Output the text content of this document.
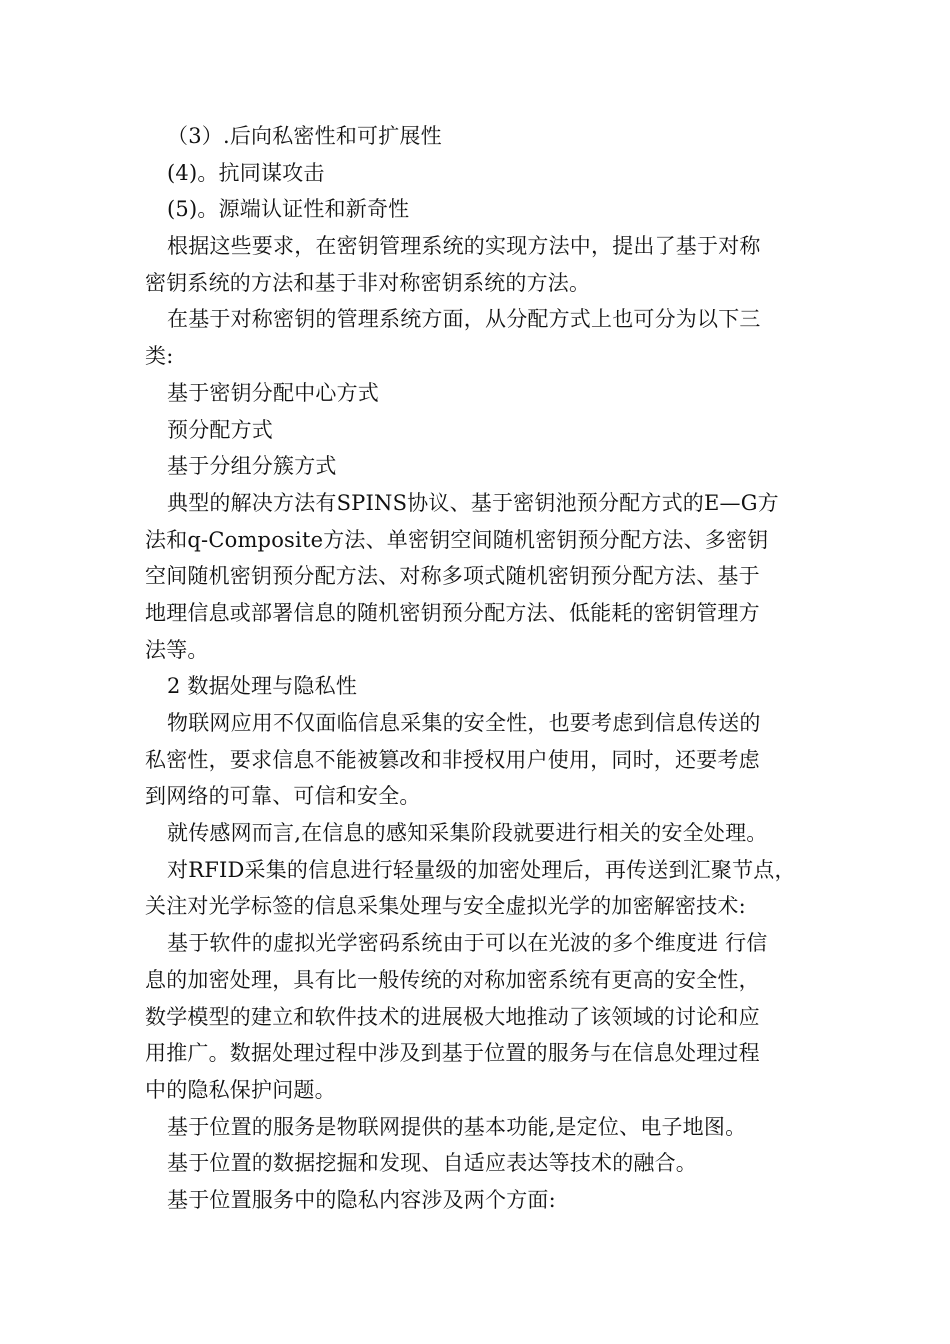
（3）.后向私密性和可扩展性
(4)。抗同谋攻击
(5)。源端认证性和新奇性
根据这些要求，在密钥管理系统的实现方法中，提出了基于对称
密钥系统的方法和基于非对称密钥系统的方法。
在基于对称密钥的管理系统方面，从分配方式上也可分为以下三
类:
基于密钥分配中心方式
预分配方式
基于分组分簇方式
典型的解决方法有SPINS协议、基于密钥池预分配方式的E—G方
法和q-Composite方法、单密钥空间随机密钥预分配方法、多密钥
空间随机密钥预分配方法、对称多项式随机密钥预分配方法、基于
地理信息或部署信息的随机密钥预分配方法、低能耗的密钥管理方
法等。
2 数据处理与隐私性
物联网应用不仅面临信息采集的安全性，也要考虑到信息传送的
私密性，要求信息不能被篡改和非授权用户使用，同时，还要考虑
到网络的可靠、可信和安全。
就传感网而言,在信息的感知采集阶段就要进行相关的安全处理。
对RFID采集的信息进行轻量级的加密处理后，再传送到汇聚节点，
关注对光学标签的信息采集处理与安全虚拟光学的加密解密技术:
基于软件的虚拟光学密码系统由于可以在光波的多个维度进 行信
息的加密处理，具有比一般传统的对称加密系统有更高的安全性，
数学模型的建立和软件技术的进展极大地推动了该领域的讨论和应
用推广。数据处理过程中涉及到基于位置的服务与在信息处理过程
中的隐私保护问题。
基于位置的服务是物联网提供的基本功能,是定位、电子地图。
基于位置的数据挖掘和发现、自适应表达等技术的融合。
基于位置服务中的隐私内容涉及两个方面:
